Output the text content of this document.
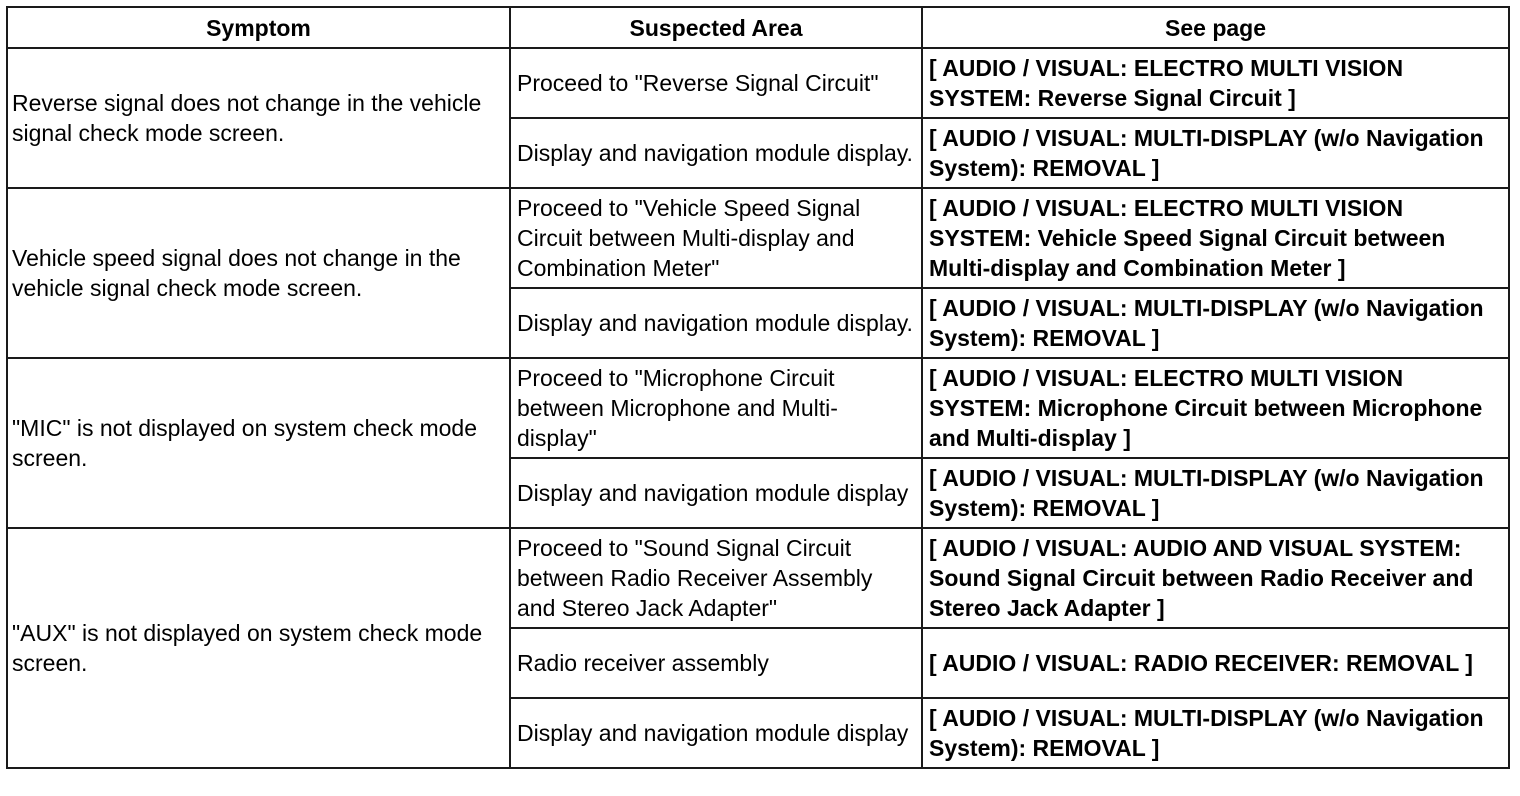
Symptom	Suspected Area	See page
Reverse signal does not change in the vehicle signal check mode screen.	Proceed to "Reverse Signal Circuit"	[ AUDIO / VISUAL: ELECTRO MULTI VISION SYSTEM: Reverse Signal Circuit ]
	Display and navigation module display.	[ AUDIO / VISUAL: MULTI-DISPLAY (w/o Navigation System): REMOVAL ]
Vehicle speed signal does not change in the vehicle signal check mode screen.	Proceed to "Vehicle Speed Signal Circuit between Multi-display and Combination Meter"	[ AUDIO / VISUAL: ELECTRO MULTI VISION SYSTEM: Vehicle Speed Signal Circuit between Multi-display and Combination Meter ]
	Display and navigation module display.	[ AUDIO / VISUAL: MULTI-DISPLAY (w/o Navigation System): REMOVAL ]
"MIC" is not displayed on system check mode screen.	Proceed to "Microphone Circuit between Microphone and Multi-display"	[ AUDIO / VISUAL: ELECTRO MULTI VISION SYSTEM: Microphone Circuit between Microphone and Multi-display ]
	Display and navigation module display	[ AUDIO / VISUAL: MULTI-DISPLAY (w/o Navigation System): REMOVAL ]
"AUX" is not displayed on system check mode screen.	Proceed to "Sound Signal Circuit between Radio Receiver Assembly and Stereo Jack Adapter"	[ AUDIO / VISUAL: AUDIO AND VISUAL SYSTEM: Sound Signal Circuit between Radio Receiver and Stereo Jack Adapter ]
	Radio receiver assembly	[ AUDIO / VISUAL: RADIO RECEIVER: REMOVAL ]
	Display and navigation module display	[ AUDIO / VISUAL: MULTI-DISPLAY (w/o Navigation System): REMOVAL ]
